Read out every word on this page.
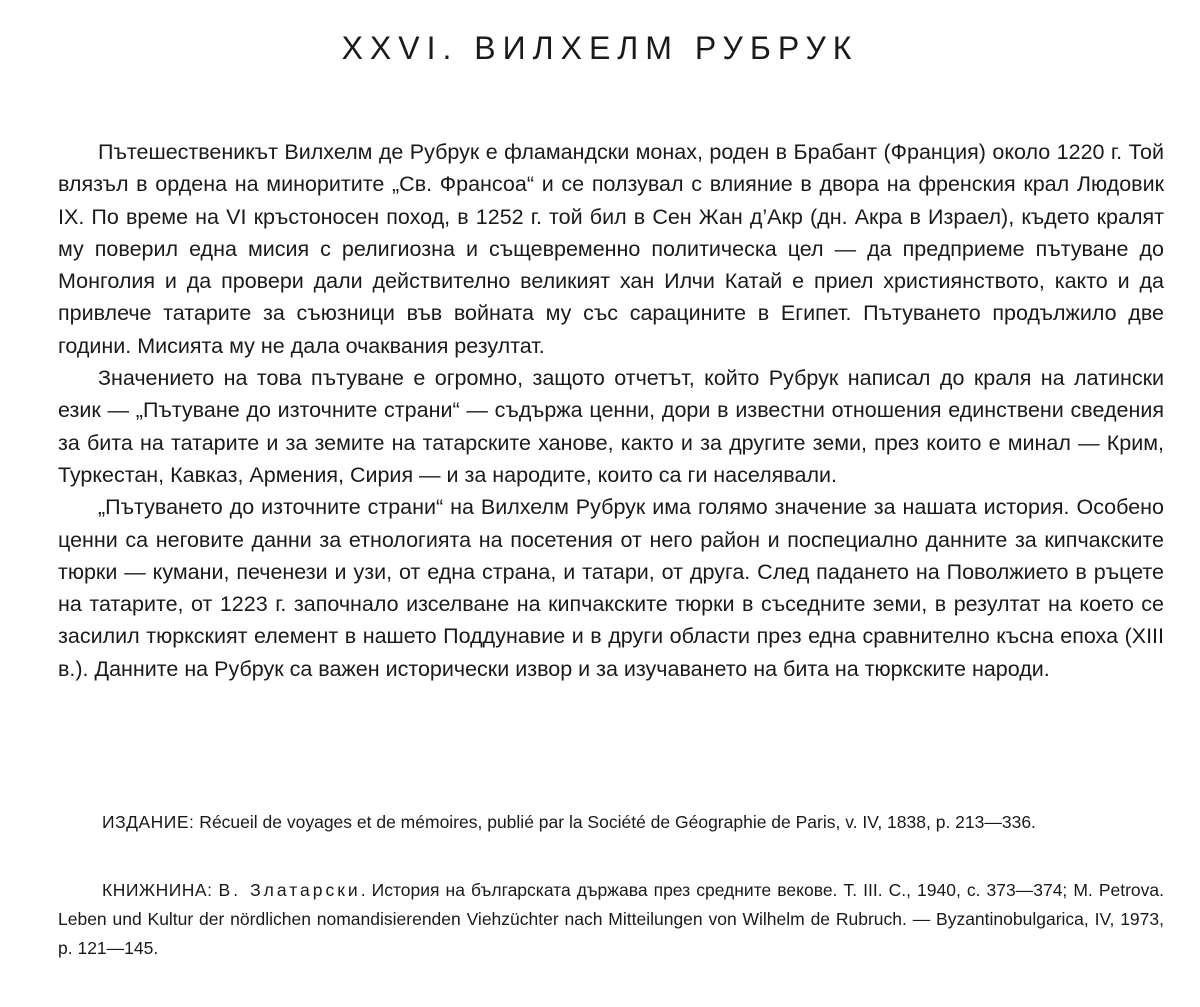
XXVI. ВИЛХЕЛМ РУБРУК

Пътешественикът Вилхелм де Рубрук е фламандски монах, роден в Брабант (Франция) около 1220 г. Той влязъл в ордена на миноритите „Св. Франсоа“ и се ползувал с влияние в двора на френския крал Людовик IX. По време на VI кръстоносен поход, в 1252 г. той бил в Сен Жан д’Акр (дн. Акра в Израел), където кралят му поверил една мисия с религиозна и същевременно политическа цел — да предприеме пътуване до Монголия и да провери дали действително великият хан Илчи Катай е приел християнството, както и да привлече татарите за съюзници във войната му със сарацините в Египет. Пътуването продължило две години. Мисията му не дала очаквания резултат.

Значението на това пътуване е огромно, защото отчетът, който Рубрук написал до краля на латински език — „Пътуване до източните страни“ — съдържа ценни, дори в известни отношения единствени сведения за бита на татарите и за земите на татарските ханове, както и за другите земи, през които е минал — Крим, Туркестан, Кавказ, Армения, Сирия — и за народите, които са ги населявали.

„Пътуването до източните страни“ на Вилхелм Рубрук има голямо значение за нашата история. Особено ценни са неговите данни за етнологията на посетения от него район и поспециално данните за кипчакските тюрки — кумани, печенези и узи, от една страна, и татари, от друга. След падането на Поволжието в ръцете на татарите, от 1223 г. започнало изселване на кипчакските тюрки в съседните земи, в резултат на което се засилил тюркският елемент в нашето Поддунавие и в други области през една сравнително късна епоха (XIII в.). Данните на Рубрук са важен исторически извор и за изучаването на бита на тюркските народи.

ИЗДАНИЕ: Récueil de voyages et de mémoires, publié par la Société de Géographie de Paris, v. IV, 1838, p. 213—336.

КНИЖНИНА: В. Златарски. История на българската държава през средните векове. Т. III. С., 1940, с. 373—374; M. Petrova. Leben und Kultur der nördlichen nomandisierenden Viehzüchter nach Mitteilungen von Wilhelm de Rubruch. — Byzantinobulgarica, IV, 1973, p. 121—145.
